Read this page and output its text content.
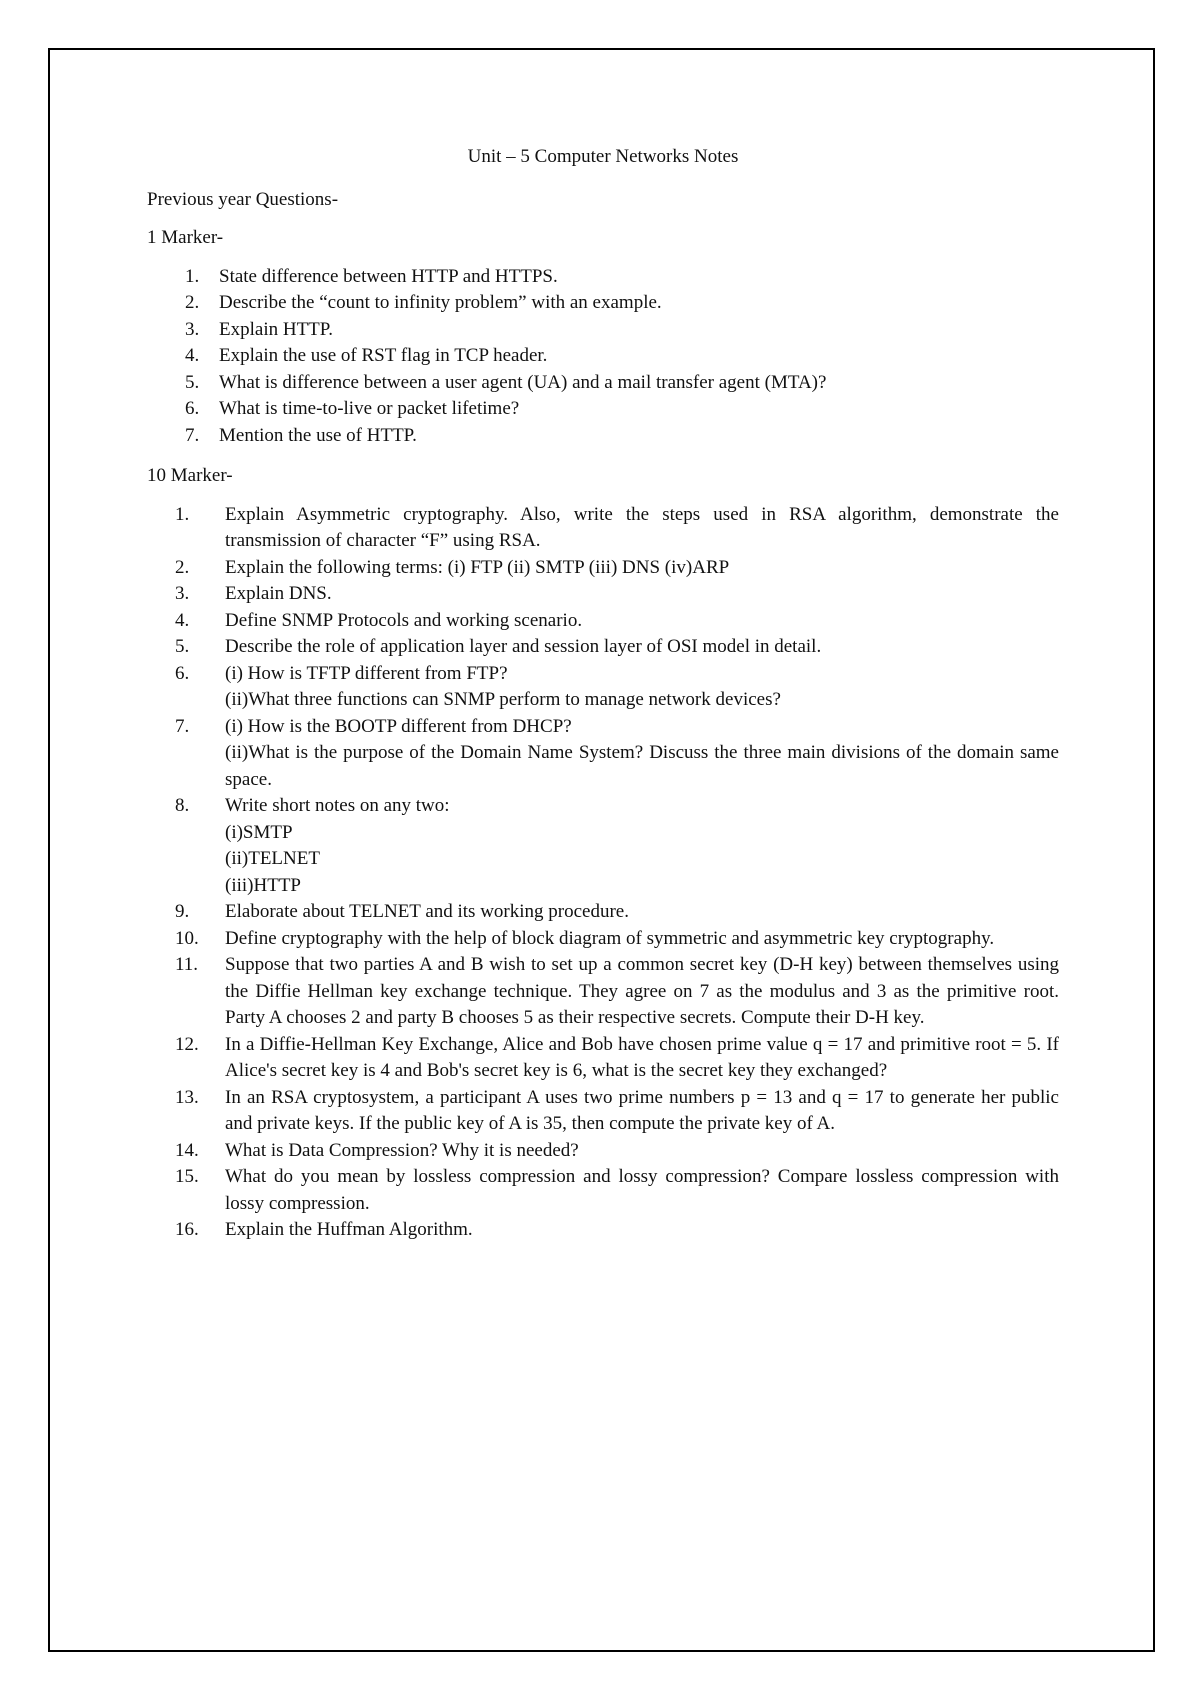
Unit – 5 Computer Networks Notes

Previous year Questions-

1 Marker-

1.	State difference between HTTP and HTTPS.
2.	Describe the “count to infinity problem” with an example.
3.	Explain HTTP.
4.	Explain the use of RST flag in TCP header.
5.	What is difference between a user agent (UA) and a mail transfer agent (MTA)?
6.	What is time-to-live or packet lifetime?
7.	Mention the use of HTTP.

10 Marker-

1.	Explain Asymmetric cryptography. Also, write the steps used in RSA algorithm, demonstrate the transmission of character “F” using RSA.
2.	Explain the following terms: (i) FTP (ii) SMTP (iii) DNS (iv)ARP
3.	Explain DNS.
4.	Define SNMP Protocols and working scenario.
5.	Describe the role of application layer and session layer of OSI model in detail.
6.	(i) How is TFTP different from FTP?
(ii)What three functions can SNMP perform to manage network devices?
7.	(i) How is the BOOTP different from DHCP?
(ii)What is the purpose of the Domain Name System? Discuss the three main divisions of the domain same space.
8.	Write short notes on any two:
(i)SMTP
(ii)TELNET
(iii)HTTP
9.	Elaborate about TELNET and its working procedure.
10.	Define cryptography with the help of block diagram of symmetric and asymmetric key cryptography.
11.	Suppose that two parties A and B wish to set up a common secret key (D-H key) between themselves using the Diffie Hellman key exchange technique. They agree on 7 as the modulus and 3 as the primitive root. Party A chooses 2 and party B chooses 5 as their respective secrets. Compute their D-H key.
12.	In a Diffie-Hellman Key Exchange, Alice and Bob have chosen prime value q = 17 and primitive root = 5. If Alice's secret key is 4 and Bob's secret key is 6, what is the secret key they exchanged?
13.	In an RSA cryptosystem, a participant A uses two prime numbers p = 13 and q = 17 to generate her public and private keys. If the public key of A is 35, then compute the private key of A.
14.	What is Data Compression? Why it is needed?
15.	What do you mean by lossless compression and lossy compression? Compare lossless compression with lossy compression.
16.	Explain the Huffman Algorithm.
